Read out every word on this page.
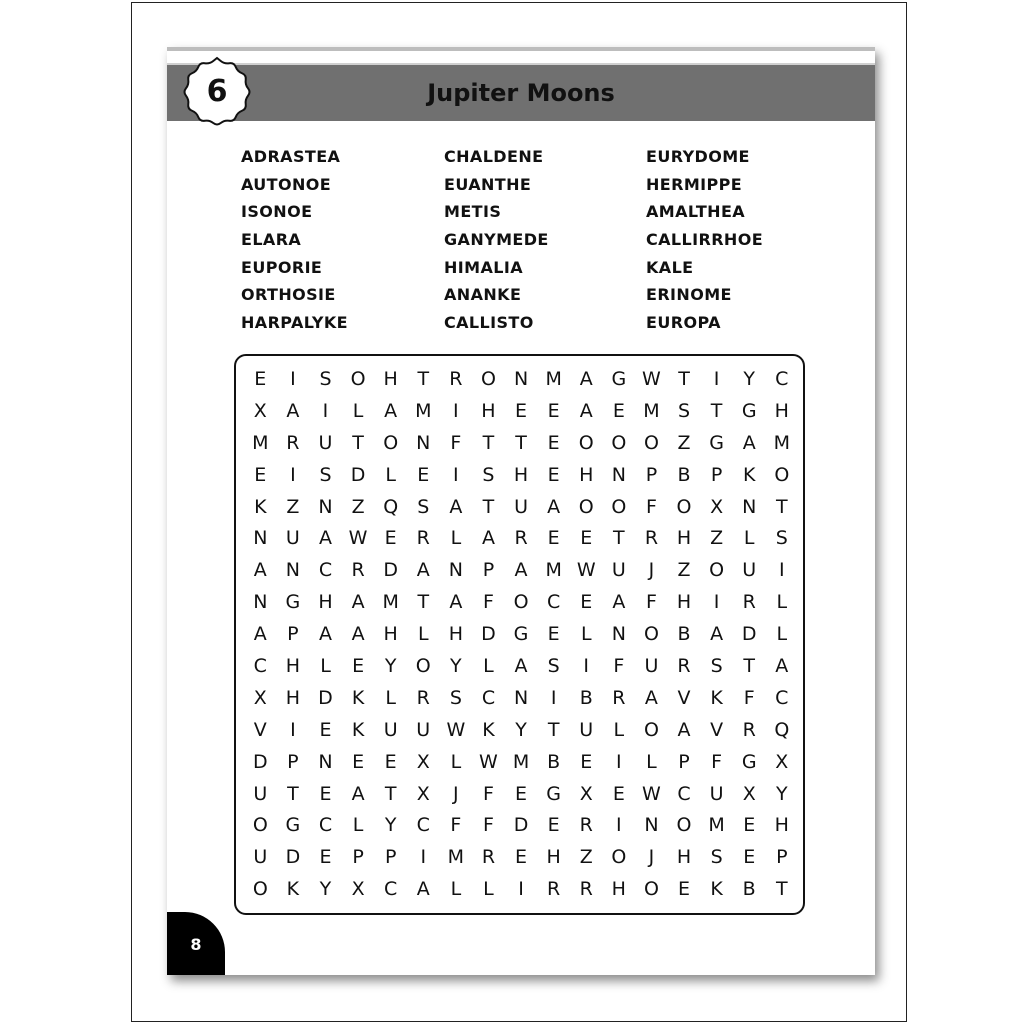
Jupiter Moons
6
ADRASTEA
AUTONOE
ISONOE
ELARA
EUPORIE
ORTHOSIE
HARPALYKE
CHALDENE
EUANTHE
METIS
GANYMEDE
HIMALIA
ANANKE
CALLISTO
EURYDOME
HERMIPPE
AMALTHEA
CALLIRRHOE
KALE
ERINOME
EUROPA
E	I	S	O H	T	R O N M A G W T	I	Y	C
X	A	I	L	A M	I	H	E	E	A	E M S	T	G H
M R	U	T	O N	F	T	T	E	O O O Z G A M
E	I	S	D	L	E	I	S	H	E	H N	P	B	P	K O
K	Z N Z Q	S	A	T	U	A O O	F	O X N	T
N U	A W E	R	L	A	R	E	E	T	R H Z	L	S
A N C	R D A N	P	A M W U	J	Z O U	I
N G H A M T	A	F	O C	E	A	F	H	I	R	L
A	P	A	A H	L	H D G	E	L	N O B	A D	L
C H	L	E	Y	O	Y	L	A	S	I	F	U	R	S	T	A
X H D	K	L	R	S	C N	I	B	R	A	V	K	F	C
V	I	E	K	U U W K	Y	T	U	L	O A	V	R Q
D	P	N	E	E	X	L W M B	E	I	L	P	F	G X
U	T	E	A	T	X	J	F	E	G X	E W C U	X	Y
O G C	L	Y	C	F	F	D	E	R	I	N O M E	H
U D	E	P	P	I	M R	E	H Z O	J	H	S	E	P
O K	Y	X	C	A	L	L	I	R	R H O	E	K	B	T
8
